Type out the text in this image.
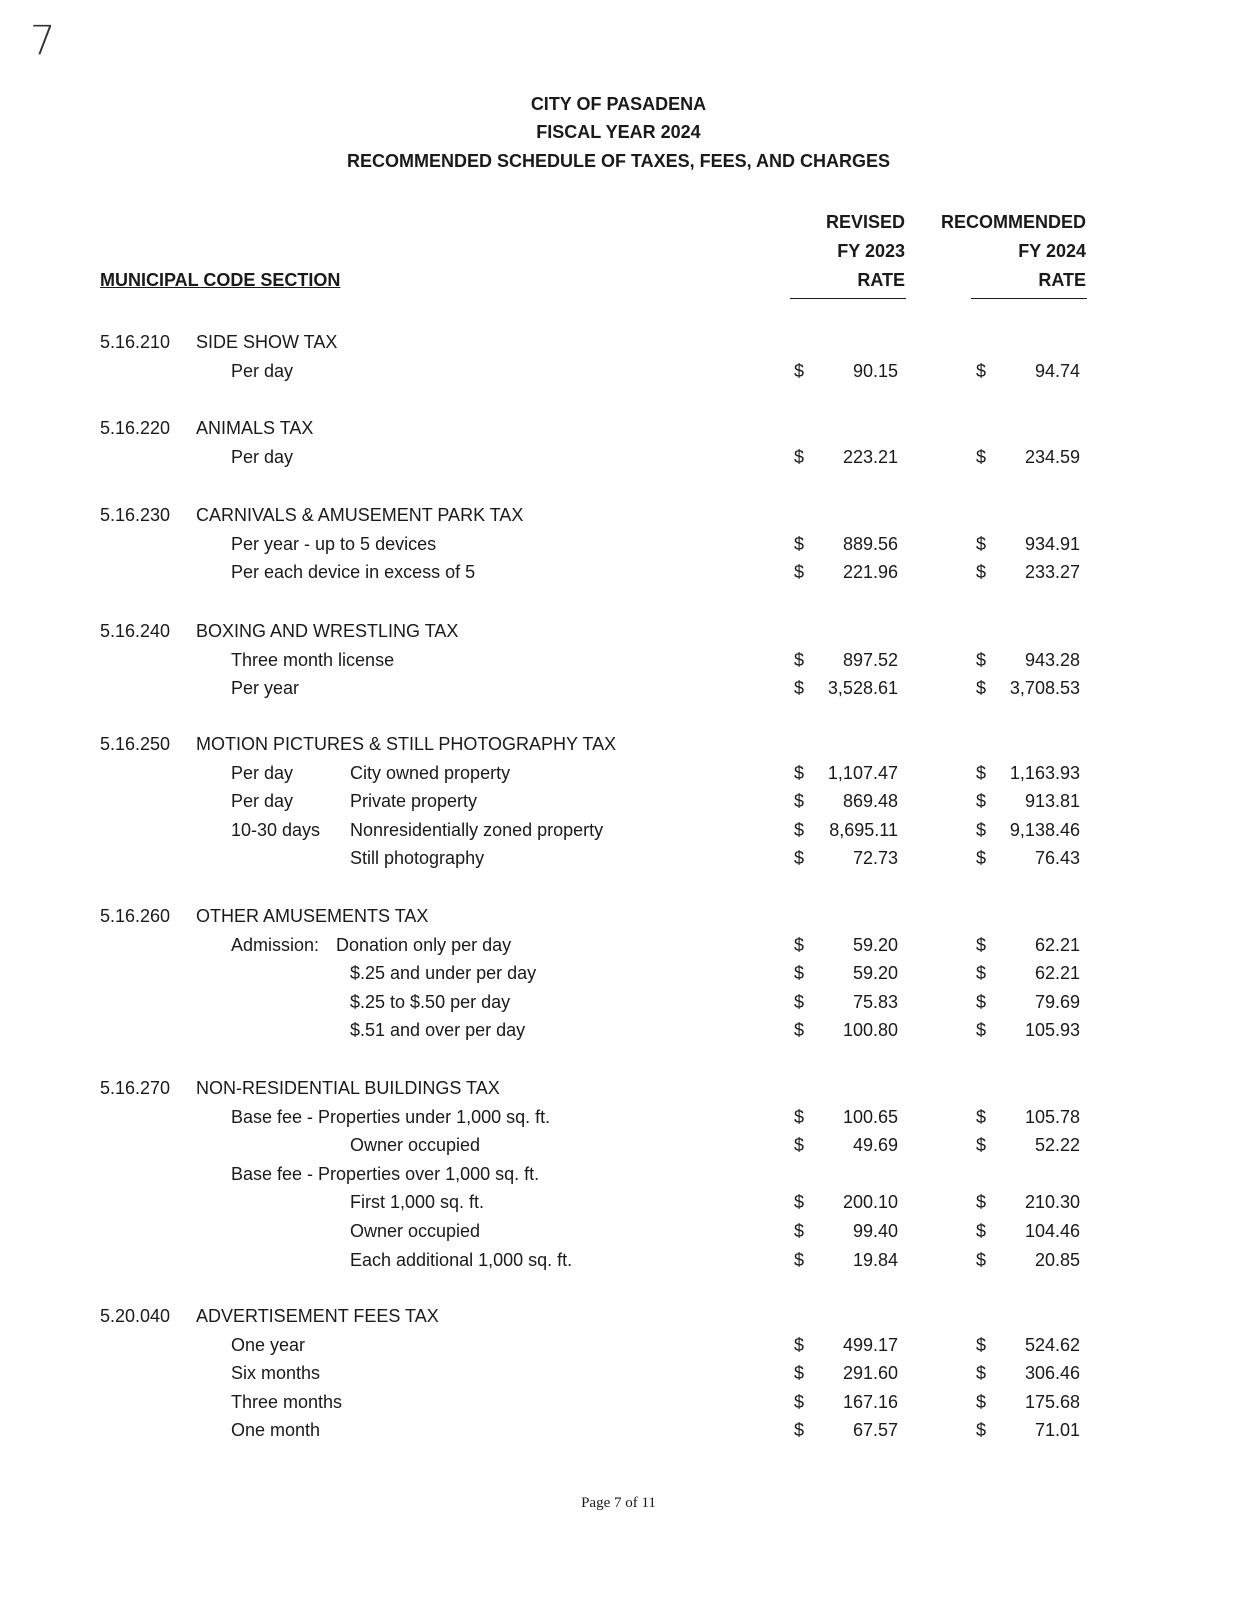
7
CITY OF PASADENA
FISCAL YEAR 2024
RECOMMENDED SCHEDULE OF TAXES, FEES, AND CHARGES
REVISED
FY 2023
RATE
RECOMMENDED
FY 2024
RATE
MUNICIPAL CODE SECTION
5.16.210 SIDE SHOW TAX
Per day	$	90.15	$	94.74
5.16.220 ANIMALS TAX
Per day	$	223.21	$	234.59
5.16.230 CARNIVALS & AMUSEMENT PARK TAX
Per year - up to 5 devices	$	889.56	$	934.91
Per each device in excess of 5	$	221.96	$	233.27
5.16.240 BOXING AND WRESTLING TAX
Three month license	$	897.52	$	943.28
Per year	$	3,528.61	$	3,708.53
5.16.250 MOTION PICTURES & STILL PHOTOGRAPHY TAX
Per day	City owned property	$	1,107.47	$	1,163.93
Per day	Private property	$	869.48	$	913.81
10-30 days Nonresidentially zoned property	$	8,695.11	$	9,138.46
Still photography	$	72.73	$	76.43
5.16.260 OTHER AMUSEMENTS TAX
Admission: Donation only per day	$	59.20	$	62.21
$.25 and under per day	$	59.20	$	62.21
$.25 to $.50 per day	$	75.83	$	79.69
$.51 and over per day	$	100.80	$	105.93
5.16.270 NON-RESIDENTIAL BUILDINGS TAX
Base fee - Properties under 1,000 sq. ft.	$	100.65	$	105.78
Owner occupied	$	49.69	$	52.22
Base fee - Properties over 1,000 sq. ft.
First 1,000 sq. ft.	$	200.10	$	210.30
Owner occupied	$	99.40	$	104.46
Each additional 1,000 sq. ft.	$	19.84	$	20.85
5.20.040 ADVERTISEMENT FEES TAX
One year	$	499.17	$	524.62
Six months	$	291.60	$	306.46
Three months	$	167.16	$	175.68
One month	$	67.57	$	71.01
Page 7 of 11
